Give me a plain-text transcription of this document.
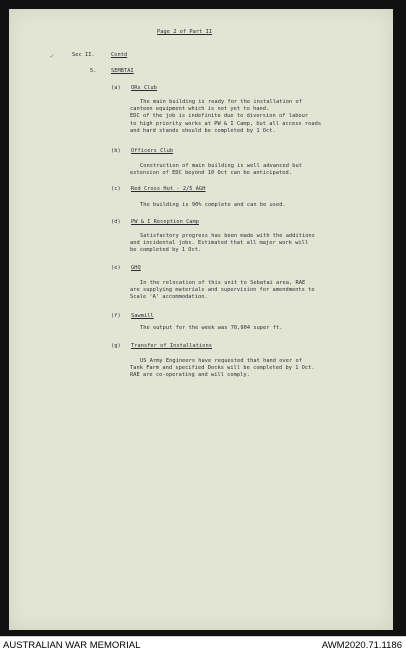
✓
Page 2 of Part II
Sec II.	Contd
5.	SEMBTAI
(a) ORs Club
The main building is ready for the installation of
canteen equipment which is not yet to hand.
EDC of the job is indefinite due to diversion of labour
to high priority works at PW & I Camp, but all access roads
and hard stands should be completed by 1 Oct.
(b) Officers Club
Construction of main building is well advanced but
extension of EDC beyond 10 Oct can be anticipated.
(c) Red Cross Hut - 2/5 AGH
The building is 90% complete and can be used.
(d) PW & I Reception Camp
Satisfactory progress has been made with the additions
and incidental jobs. Estimated that all major work will
be completed by 1 Oct.
(e) GHQ
In the relocation of this unit to Sebatai area, RAE
are supplying materials and supervision for amendments to
Scale 'A' accommodation.
(f) Sawmill
The output for the week was 70,904 super ft.
(g) Transfer of Installations
US Army Engineers have requested that hand over of
Tank Farm and specified Docks will be completed by 1 Oct.
RAE are co-operating and will comply.
AUSTRALIAN WAR MEMORIAL	AWM2020.71.1186
